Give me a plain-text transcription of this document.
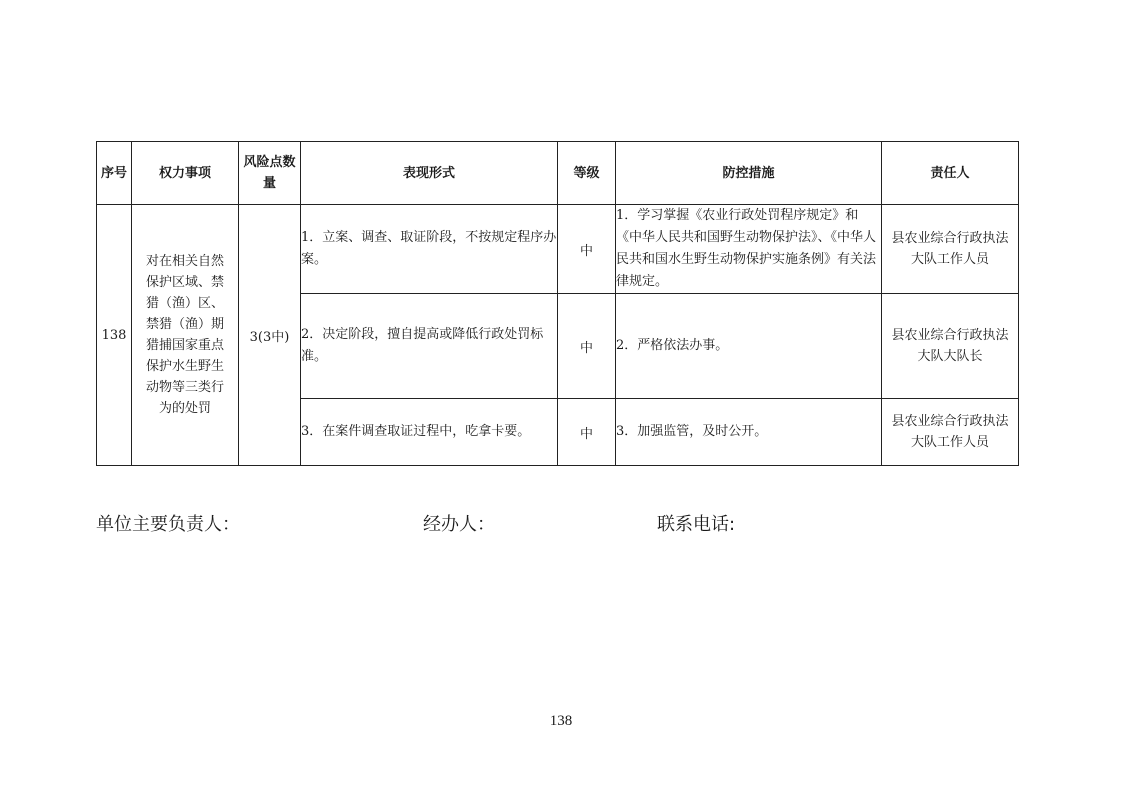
序号	权力事项	风险点数量	表现形式	等级	防控措施	责任人
138	对在相关自然保护区域、禁猎（渔）区、禁猎（渔）期猎捕国家重点保护水生野生动物等三类行为的处罚	3(3中)	1．立案、调查、取证阶段，不按规定程序办案。	中	1．学习掌握《农业行政处罚程序规定》和《中华人民共和国野生动物保护法》、《中华人民共和国水生野生动物保护实施条例》有关法律规定。	县农业综合行政执法大队工作人员

			2．决定阶段，擅自提高或降低行政处罚标准。	中	2．严格依法办事。	县农业综合行政执法大队大队长

			3．在案件调查取证过程中，吃拿卡要。	中	3．加强监管，及时公开。	县农业综合行政执法大队工作人员
单位主要负责人：	经办人：	联系电话:
138
